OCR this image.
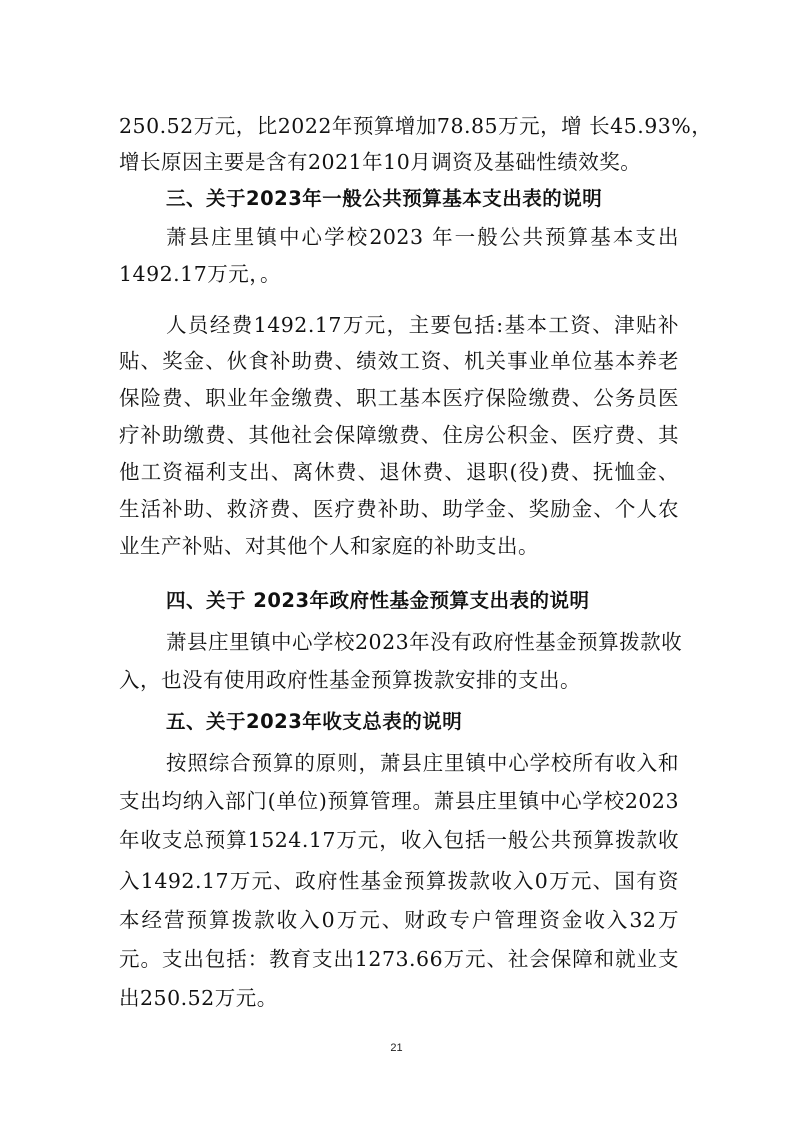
250.52万元，比2022年预算增加78.85万元，增 长45.93%，
增长原因主要是含有2021年10月调资及基础性绩效奖。
三、关于2023年一般公共预算基本支出表的说明
萧县庄里镇中心学校2023 年一般公共预算基本支出
1492.17万元，。
人员经费1492.17万元，主要包括:基本工资、津贴补
贴、奖金、伙食补助费、绩效工资、机关事业单位基本养老
保险费、职业年金缴费、职工基本医疗保险缴费、公务员医
疗补助缴费、其他社会保障缴费、住房公积金、医疗费、其
他工资福利支出、离休费、退休费、退职(役)费、抚恤金、
生活补助、救济费、医疗费补助、助学金、奖励金、个人农
业生产补贴、对其他个人和家庭的补助支出。
四、关于 2023年政府性基金预算支出表的说明
萧县庄里镇中心学校2023年没有政府性基金预算拨款收
入，也没有使用政府性基金预算拨款安排的支出。
五、关于2023年收支总表的说明
按照综合预算的原则，萧县庄里镇中心学校所有收入和
支出均纳入部门(单位)预算管理。萧县庄里镇中心学校2023
年收支总预算1524.17万元，收入包括一般公共预算拨款收
入1492.17万元、政府性基金预算拨款收入0万元、国有资
本经营预算拨款收入0万元、财政专户管理资金收入32万
元。支出包括：教育支出1273.66万元、社会保障和就业支
出250.52万元。
21
